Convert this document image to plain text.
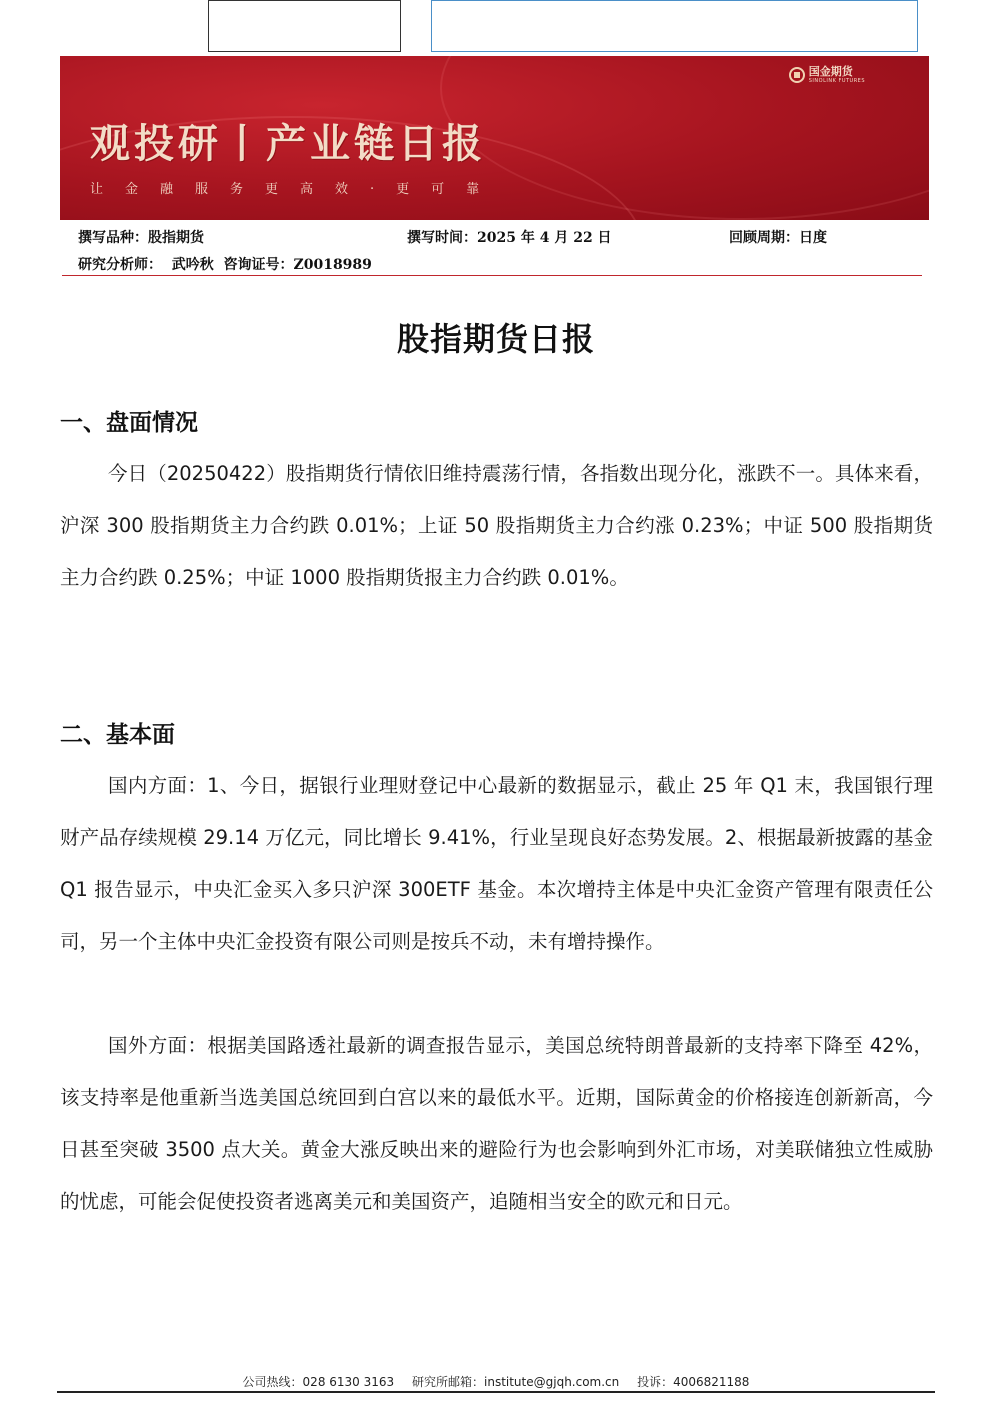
国金期货
SINOLINK FUTURES
观投研丨产业链日报
让金融服务更高效·更可靠
撰写品种：股指期货	撰写时间：2025 年 4 月 22 日	回顾周期：日度
研究分析师：  武吟秋  咨询证号：Z0018989
股指期货日报
一、盘面情况

今日（20250422）股指期货行情依旧维持震荡行情，各指数出现分化，涨跌不一。具体来看，沪深 300 股指期货主力合约跌 0.01%；上证 50 股指期货主力合约涨 0.23%；中证 500 股指期货主力合约跌 0.25%；中证 1000 股指期货报主力合约跌 0.01%。

二、基本面

国内方面：1、今日，据银行业理财登记中心最新的数据显示，截止 25 年 Q1 末，我国银行理财产品存续规模 29.14 万亿元，同比增长 9.41%，行业呈现良好态势发展。2、根据最新披露的基金 Q1 报告显示，中央汇金买入多只沪深 300ETF 基金。本次增持主体是中央汇金资产管理有限责任公司，另一个主体中央汇金投资有限公司则是按兵不动，未有增持操作。

国外方面：根据美国路透社最新的调查报告显示，美国总统特朗普最新的支持率下降至 42%，该支持率是他重新当选美国总统回到白宫以来的最低水平。近期，国际黄金的价格接连创新新高，今日甚至突破 3500 点大关。黄金大涨反映出来的避险行为也会影响到外汇市场，对美联储独立性威胁的忧虑，可能会促使投资者逃离美元和美国资产，追随相当安全的欧元和日元。

公司热线：028 6130 3163 研究所邮箱：institute@gjqh.com.cn 投诉：4006821188
